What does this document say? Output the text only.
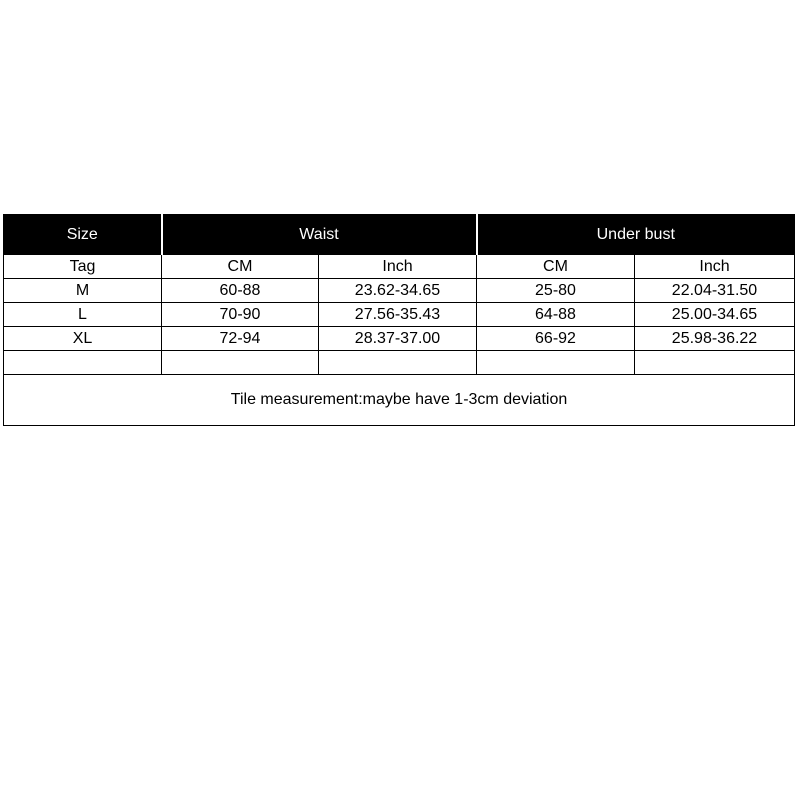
Size	Waist		Under bust	
Tag	CM	Inch	CM	Inch
M	60-88	23.62-34.65	25-80	22.04-31.50
L	70-90	27.56-35.43	64-88	25.00-34.65
XL	72-94	28.37-37.00	66-92	25.98-36.22

Tile measurement:maybe have 1-3cm deviation				
